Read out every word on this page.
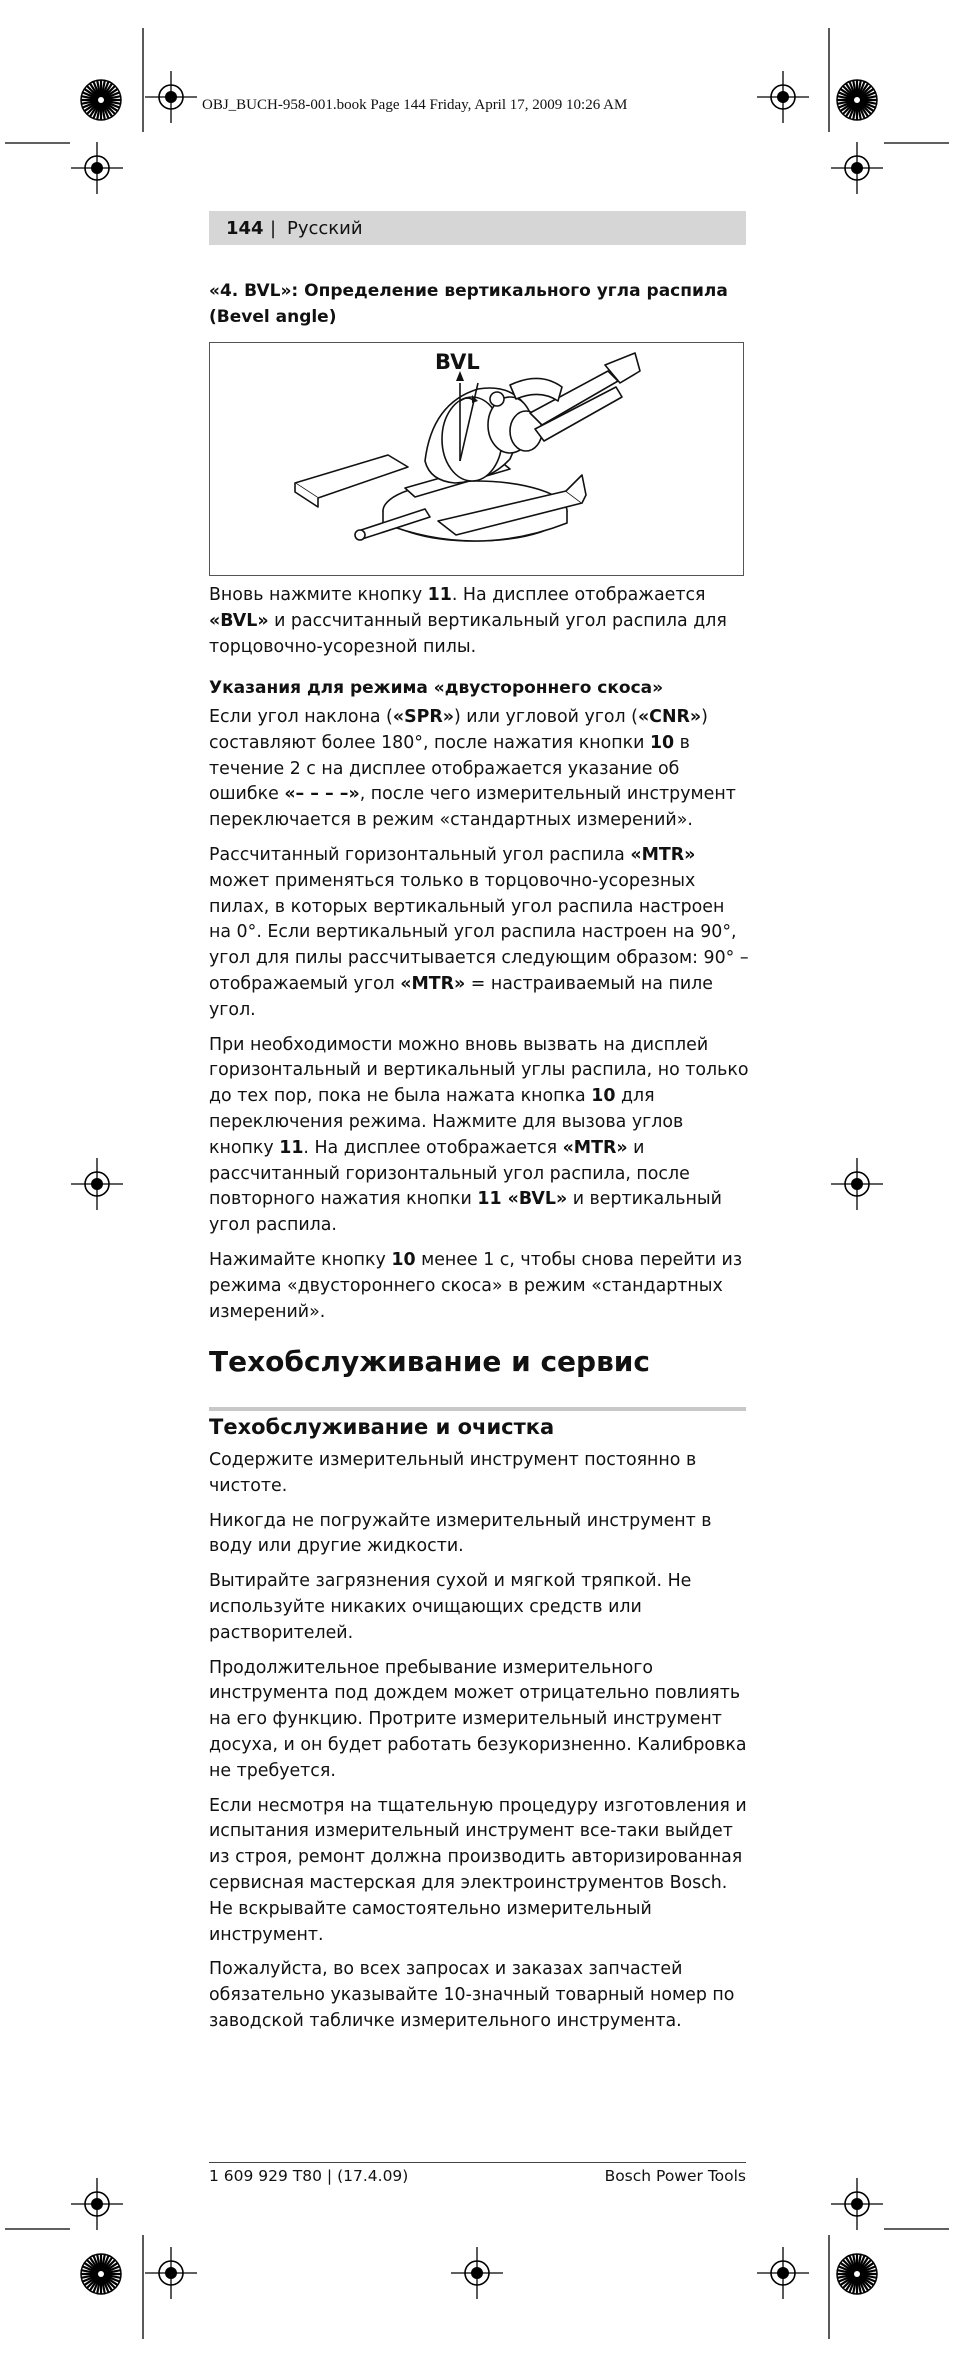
OBJ_BUCH-958-001.book Page 144 Friday, April 17, 2009 10:26 AM
144 | Русский
«4. BVL»: Определение вертикального угла распила
(Bevel angle)
BVL

Вновь нажмите кнопку 11. На дисплее отображается «BVL» и рассчитанный вертикальный угол распила для торцовочно-усорезной пилы.

Указания для режима «двустороннего скоса»

Если угол наклона («SPR») или угловой угол («CNR») составляют более 180°, после нажатия кнопки 10 в течение 2 с на дисплее отображается указание об ошибке «– – – –», после чего измерительный инструмент переключается в режим «стандартных измерений».

Рассчитанный горизонтальный угол распила «MTR» может применяться только в торцовочно-усорезных пилах, в которых вертикальный угол распила настроен на 0°. Если вертикальный угол распила настроен на 90°, угол для пилы рассчитывается следующим образом: 90° – отображаемый угол «MTR» = настраиваемый на пиле угол.

При необходимости можно вновь вызвать на дисплей горизонтальный и вертикальный углы распила, но только до тех пор, пока не была нажата кнопка 10 для переключения режима. Нажмите для вызова углов кнопку 11. На дисплее отображается «MTR» и рассчитанный горизонтальный угол распила, после повторного нажатия кнопки 11 «BVL» и вертикальный угол распила.

Нажимайте кнопку 10 менее 1 с, чтобы снова перейти из режима «двустороннего скоса» в режим «стандартных измерений».

Техобслуживание и сервис
Техобслуживание и очистка

Содержите измерительный инструмент постоянно в чистоте.

Никогда не погружайте измерительный инструмент в воду или другие жидкости.

Вытирайте загрязнения сухой и мягкой тряпкой. Не используйте никаких очищающих средств или растворителей.

Продолжительное пребывание измерительного инструмента под дождем может отрицательно повлиять на его функцию. Протрите измерительный инструмент досуха, и он будет работать безукоризненно. Калибровка не требуется.

Если несмотря на тщательную процедуру изготовления и испытания измерительный инструмент все-таки выйдет из строя, ремонт должна производить авторизированная сервисная мастерская для электроинструментов Bosch. Не вскрывайте самостоятельно измерительный инструмент.

Пожалуйста, во всех запросах и заказах запчастей обязательно указывайте 10-значный товарный номер по заводской табличке измерительного инструмента.

1 609 929 T80 | (17.4.09)	Bosch Power Tools
